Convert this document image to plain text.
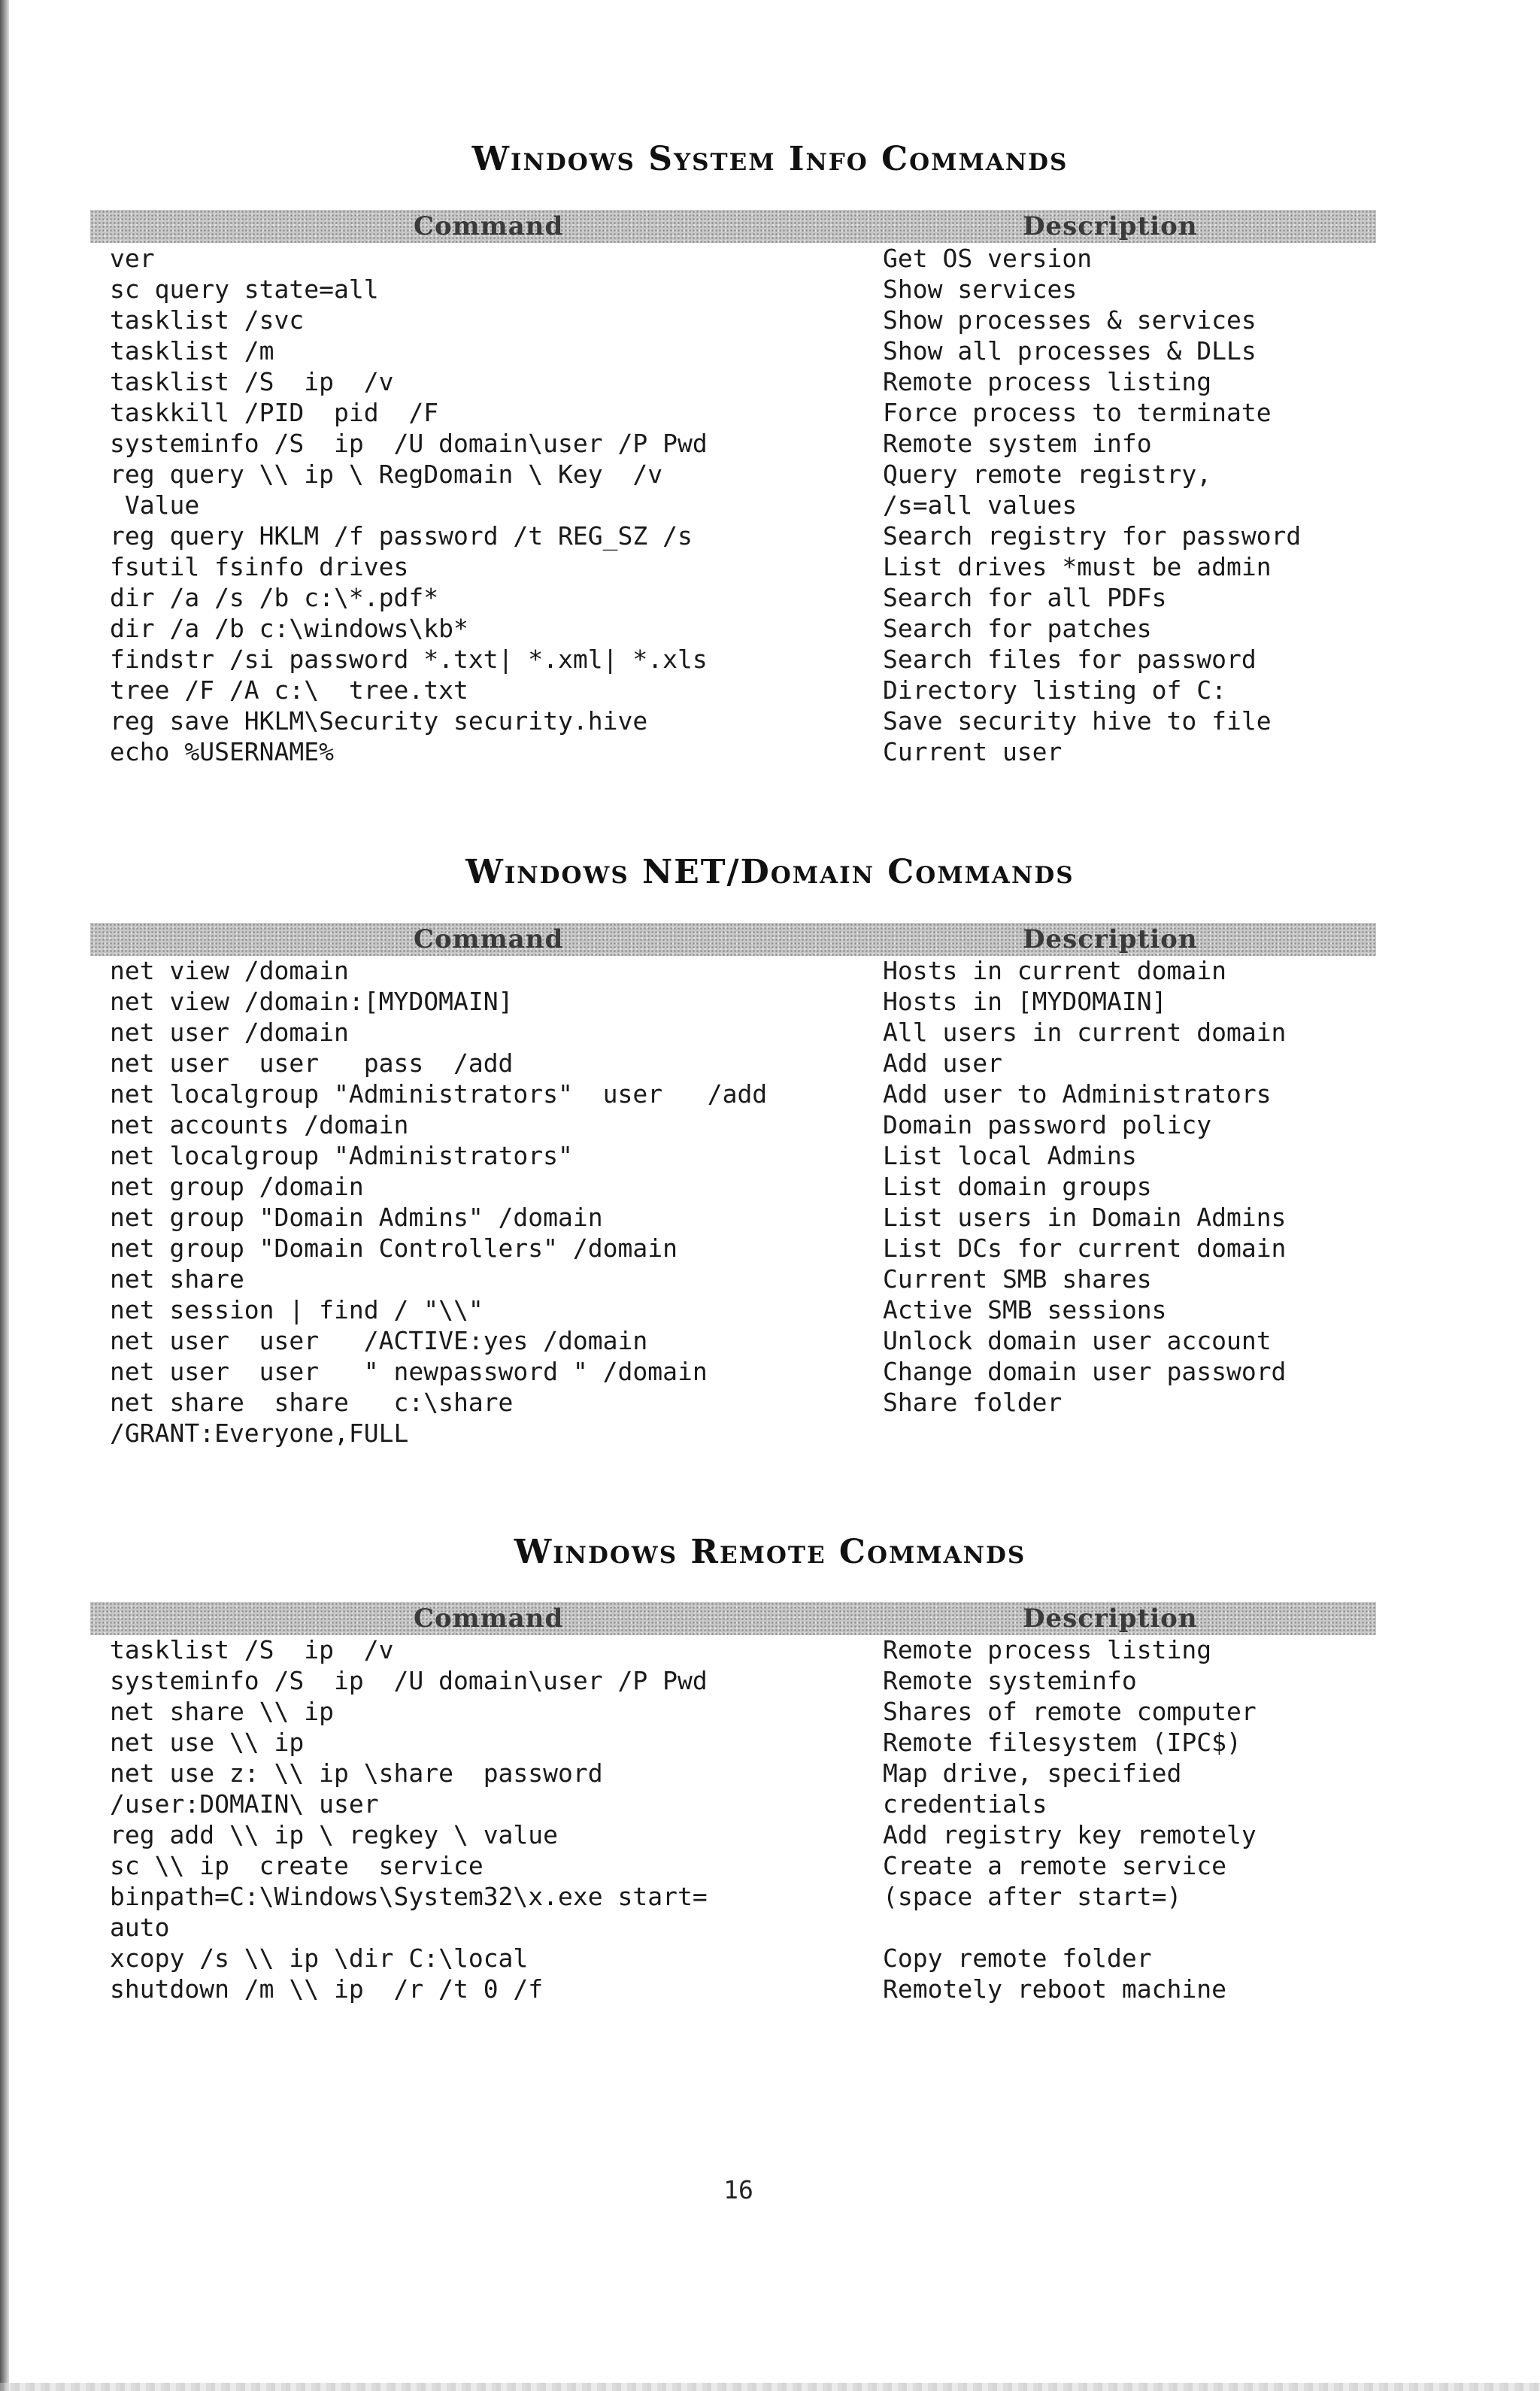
Windows System Info Commands
Command	Description
ver	Get OS version
sc query state=all	Show services
tasklist /svc	Show processes & services
tasklist /m	Show all processes & DLLs
tasklist /S  ip  /v	Remote process listing
taskkill /PID  pid  /F	Force process to terminate
systeminfo /S  ip  /U domain\user /P Pwd	Remote system info
reg query \\ ip \ RegDomain \ Key  /v	Query remote registry,
Value	/s=all values
reg query HKLM /f password /t REG_SZ /s	Search registry for password
fsutil fsinfo drives	List drives *must be admin
dir /a /s /b c:\*.pdf*	Search for all PDFs
dir /a /b c:\windows\kb*	Search for patches
findstr /si password *.txt| *.xml| *.xls	Search files for password
tree /F /A c:\  tree.txt	Directory listing of C:
reg save HKLM\Security security.hive	Save security hive to file
echo %USERNAME%	Current user
Windows NET/Domain Commands
Command	Description
net view /domain	Hosts in current domain
net view /domain:[MYDOMAIN]	Hosts in [MYDOMAIN]
net user /domain	All users in current domain
net user  user   pass  /add	Add user
net localgroup "Administrators"  user   /add	Add user to Administrators
net accounts /domain	Domain password policy
net localgroup "Administrators"	List local Admins
net group /domain	List domain groups
net group "Domain Admins" /domain	List users in Domain Admins
net group "Domain Controllers" /domain	List DCs for current domain
net share	Current SMB shares
net session | find / "\\"	Active SMB sessions
net user  user   /ACTIVE:yes /domain	Unlock domain user account
net user  user   " newpassword " /domain	Change domain user password
net share  share   c:\share	Share folder
/GRANT:Everyone,FULL
Windows Remote Commands
Command	Description
tasklist /S  ip  /v	Remote process listing
systeminfo /S  ip  /U domain\user /P Pwd	Remote systeminfo
net share \\ ip	Shares of remote computer
net use \\ ip	Remote filesystem (IPC$)
net use z: \\ ip \share  password	Map drive, specified
/user:DOMAIN\ user	credentials
reg add \\ ip \ regkey \ value	Add registry key remotely
sc \\ ip  create  service	Create a remote service
binpath=C:\Windows\System32\x.exe start=	(space after start=)
auto
xcopy /s \\ ip \dir C:\local	Copy remote folder
shutdown /m \\ ip  /r /t 0 /f	Remotely reboot machine
16
